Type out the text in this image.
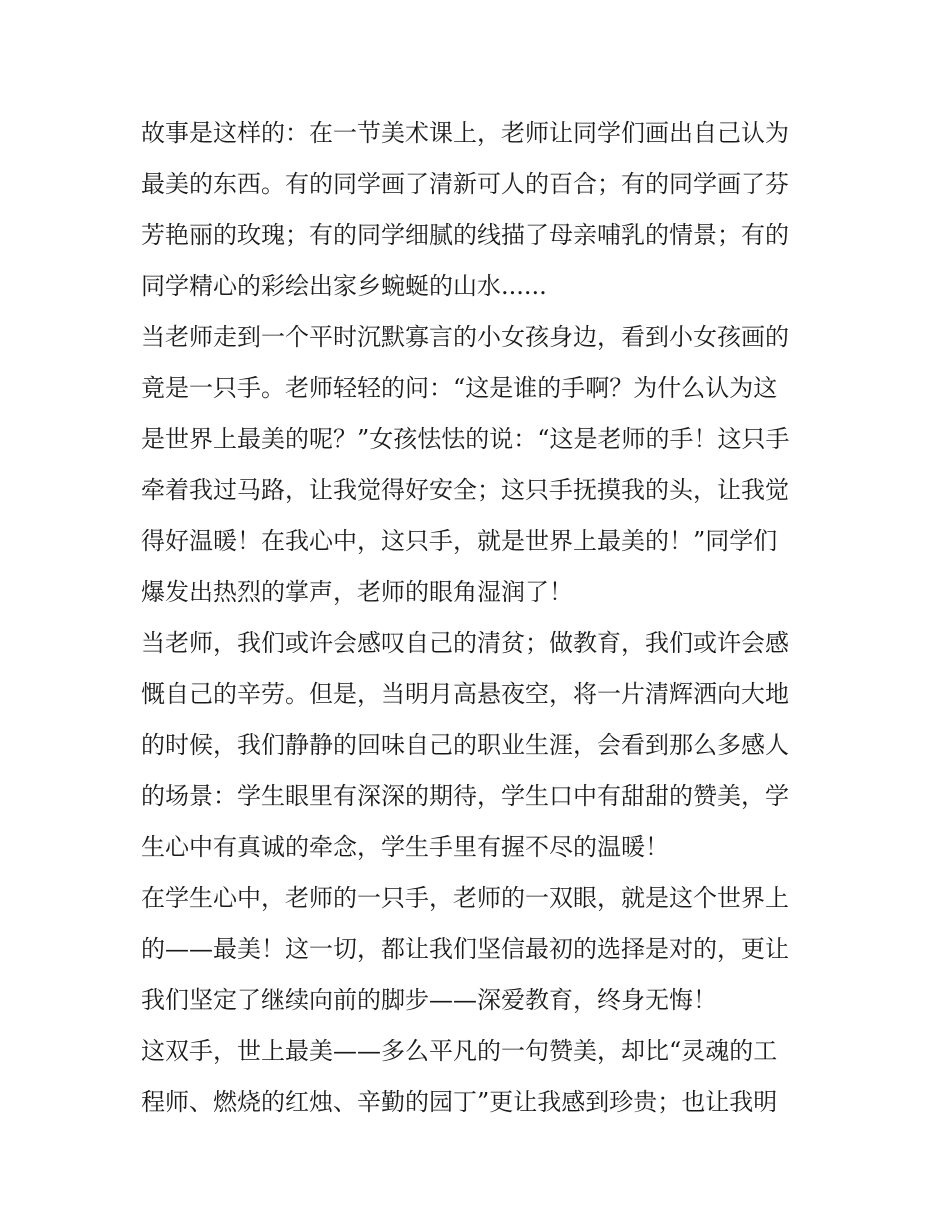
故事是这样的：在一节美术课上，老师让同学们画出自己认为
最美的东西。有的同学画了清新可人的百合；有的同学画了芬
芳艳丽的玫瑰；有的同学细腻的线描了母亲哺乳的情景；有的
同学精心的彩绘出家乡蜿蜒的山水......
当老师走到一个平时沉默寡言的小女孩身边，看到小女孩画的
竟是一只手。老师轻轻的问：“这是谁的手啊？为什么认为这
是世界上最美的呢？”女孩怯怯的说：“这是老师的手！这只手
牵着我过马路，让我觉得好安全；这只手抚摸我的头，让我觉
得好温暖！在我心中，这只手，就是世界上最美的！”同学们
爆发出热烈的掌声，老师的眼角湿润了！
当老师，我们或许会感叹自己的清贫；做教育，我们或许会感
慨自己的辛劳。但是，当明月高悬夜空，将一片清辉洒向大地
的时候，我们静静的回味自己的职业生涯，会看到那么多感人
的场景：学生眼里有深深的期待，学生口中有甜甜的赞美，学
生心中有真诚的牵念，学生手里有握不尽的温暖！
在学生心中，老师的一只手，老师的一双眼，就是这个世界上
的——最美！这一切，都让我们坚信最初的选择是对的，更让
我们坚定了继续向前的脚步——深爱教育，终身无悔！
这双手，世上最美——多么平凡的一句赞美，却比“灵魂的工
程师、燃烧的红烛、辛勤的园丁”更让我感到珍贵；也让我明
